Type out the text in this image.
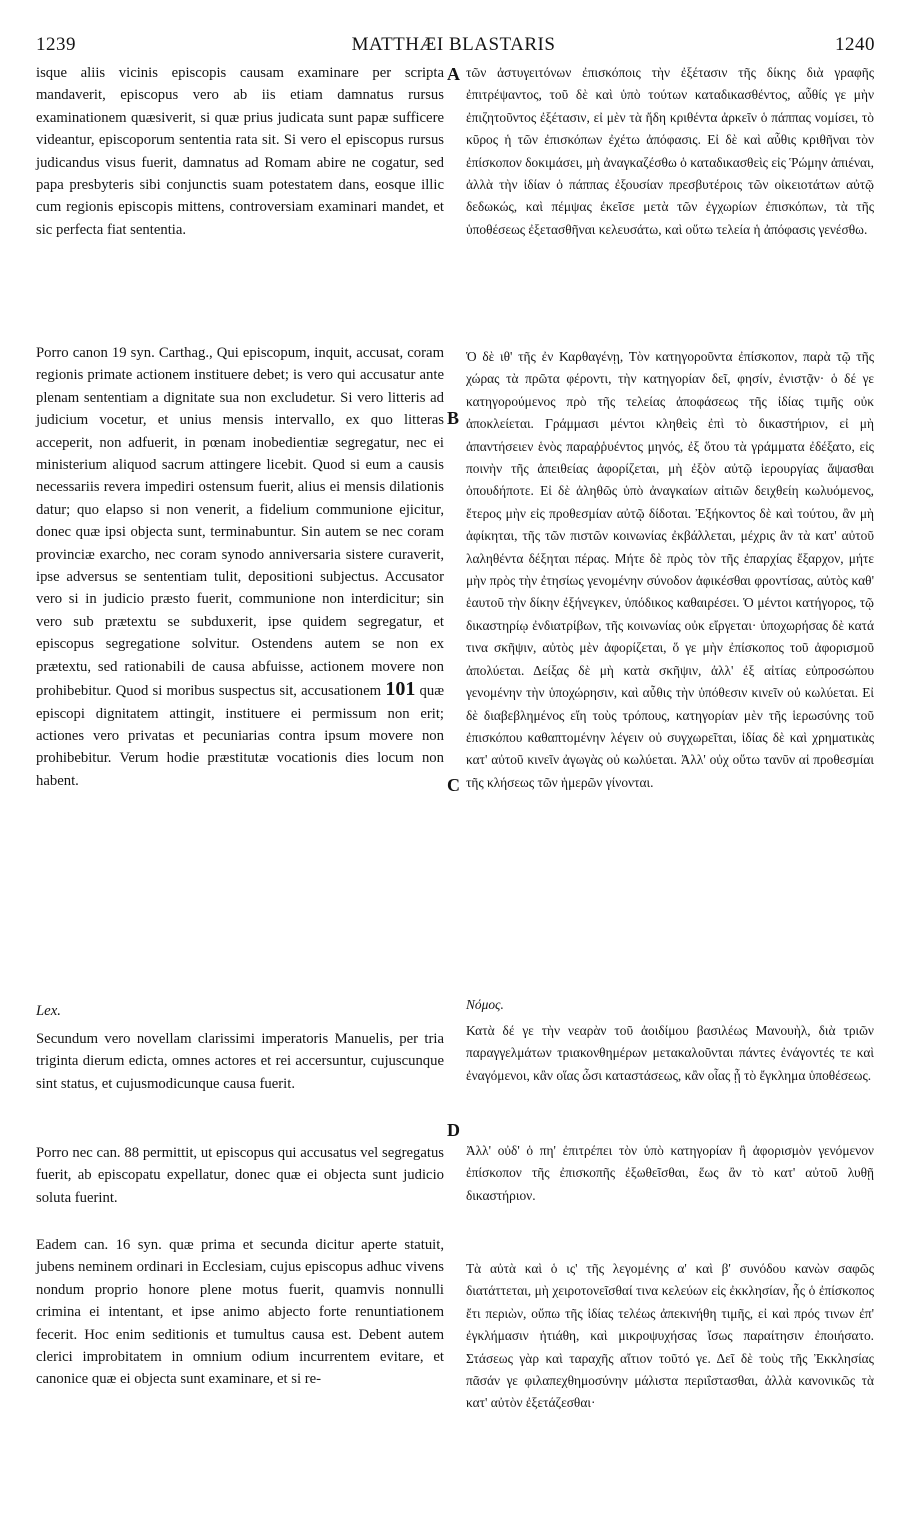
1239	MATTHÆI BLASTARIS	1240

isque aliis vicinis episcopis causam examinare per scripta mandaverit, episcopus vero ab iis etiam damnatus rursus examinationem quæsiverit, si quæ prius judicata sunt papæ sufficere videantur, episcoporum sententia rata sit. Si vero el episcopus rursus judicandus visus fuerit, damnatus ad Romam abire ne cogatur, sed papa presbyteris sibi conjunctis suam potestatem dans, eosque illic cum regionis episcopis mittens, controversiam examinari mandet, et sic perfecta fiat sententia.

Porro canon 19 syn. Carthag., Qui episcopum, inquit, accusat, coram regionis primate actionem instituere debet; is vero qui accusatur ante plenam sententiam a dignitate sua non excludetur. Si vero litteris ad judicium vocetur, et unius mensis intervallo, ex quo litteras acceperit, non adfuerit, in pœnam inobedientiæ segregatur, nec ei ministerium aliquod sacrum attingere licebit. Quod si eum a causis necessariis revera impediri ostensum fuerit, alius ei mensis dilationis datur; quo elapso si non venerit, a fidelium communione ejicitur, donec quæ ipsi objecta sunt, terminabuntur. Sin autem se nec coram provinciæ exarcho, nec coram synodo anniversaria sistere curaverit, ipse adversus se sententiam tulit, depositioni subjectus. Accusator vero si in judicio præsto fuerit, communione non interdicitur; sin vero sub prætextu se subduxerit, ipse quidem segregatur, et episcopus segregatione solvitur. Ostendens autem se non ex prætextu, sed rationabili de causa abfuisse, actionem movere non prohibebitur. Quod si moribus suspectus sit, accusationem 101 quæ episcopi dignitatem attingit, instituere ei permissum non erit; actiones vero privatas et pecuniarias contra ipsum movere non prohibebitur. Verum hodie præstitutæ vocationis dies locum non habent.

Lex.

Secundum vero novellam clarissimi imperatoris Manuelis, per tria triginta dierum edicta, omnes actores et rei accersuntur, cujuscunque sint status, et cujusmodicunque causa fuerit.

Porro nec can. 88 permittit, ut episcopus qui accusatus vel segregatus fuerit, ab episcopatu expellatur, donec quæ ei objecta sunt judicio soluta fuerint.

Eadem can. 16 syn. quæ prima et secunda dicitur aperte statuit, jubens neminem ordinari in Ecclesiam, cujus episcopus adhuc vivens nondum proprio honore plene motus fuerit, quamvis nonnulli crimina ei intentant, et ipse animo abjecto forte renuntiationem fecerit. Hoc enim seditionis et tumultus causa est. Debent autem clerici improbitatem in omnium odium incurrentem evitare, et canonice quæ ei objecta sunt examinare, et si re-

A
B
C
D

τῶν ἀστυγειτόνων ἐπισκόποις τὴν ἐξέτασιν τῆς δίκης διὰ γραφῆς ἐπιτρέψαντος, τοῦ δὲ καὶ ὑπὸ τούτων καταδικασθέντος, αὖθίς γε μὴν ἐπιζητοῦντος ἐξέτασιν, εἰ μὲν τὰ ἤδη κριθέντα ἀρκεῖν ὁ πάππας νομίσει, τὸ κῦρος ἡ τῶν ἐπισκόπων ἐχέτω ἀπόφασις. Εἰ δὲ καὶ αὖθις κριθῆναι τὸν ἐπίσκοπον δοκιμάσει, μὴ ἀναγκαζέσθω ὁ καταδικασθεὶς εἰς Ῥώμην ἀπιέναι, ἀλλὰ τὴν ἰδίαν ὁ πάππας ἐξουσίαν πρεσβυτέροις τῶν οἰκειοτάτων αὐτῷ δεδωκώς, καὶ πέμψας ἐκεῖσε μετὰ τῶν ἐγχωρίων ἐπισκόπων, τὰ τῆς ὑποθέσεως ἐξετασθῆναι κελευσάτω, καὶ οὕτω τελεία ἡ ἀπόφασις γενέσθω.

Ὁ δὲ ιθ' τῆς ἐν Καρθαγένῃ, Τὸν κατηγοροῦντα ἐπίσκοπον, παρὰ τῷ τῆς χώρας τὰ πρῶτα φέροντι, τὴν κατηγορίαν δεῖ, φησίν, ἐνιστᾷν· ὁ δέ γε κατηγορούμενος πρὸ τῆς τελείας ἀποφάσεως τῆς ἰδίας τιμῆς οὐκ ἀποκλείεται. Γράμμασι μέντοι κληθεὶς ἐπὶ τὸ δικαστήριον, εἰ μὴ ἀπαντήσειεν ἑνὸς παραῤῥυέντος μηνός, ἐξ ὅτου τὰ γράμματα ἐδέξατο, εἰς ποινὴν τῆς ἀπειθείας ἀφορίζεται, μὴ ἐξὸν αὐτῷ ἱερουργίας ἅψασθαι ὁπουδήποτε. Εἰ δὲ ἀληθῶς ὑπὸ ἀναγκαίων αἰτιῶν δειχθείη κωλυόμενος, ἕτερος μὴν εἰς προθεσμίαν αὐτῷ δίδοται. Ἐξήκοντος δὲ καὶ τούτου, ἂν μὴ ἀφίκηται, τῆς τῶν πιστῶν κοινωνίας ἐκβάλλεται, μέχρις ἂν τὰ κατ' αὐτοῦ λαληθέντα δέξηται πέρας. Μήτε δὲ πρὸς τὸν τῆς ἐπαρχίας ἔξαρχον, μήτε μὴν πρὸς τὴν ἐτησίως γενομένην σύνοδον ἀφικέσθαι φροντίσας, αὐτὸς καθ' ἑαυτοῦ τὴν δίκην ἐξήνεγκεν, ὑπόδικος καθαιρέσει. Ὁ μέντοι κατήγορος, τῷ δικαστηρίῳ ἐνδιατρίβων, τῆς κοινωνίας οὐκ εἴργεται· ὑποχωρήσας δὲ κατά τινα σκῆψιν, αὐτὸς μὲν ἀφορίζεται, ὅ γε μὴν ἐπίσκοπος τοῦ ἀφορισμοῦ ἀπολύεται. Δείξας δὲ μὴ κατὰ σκῆψιν, ἀλλ' ἐξ αἰτίας εὐπροσώπου γενομένην τὴν ὑποχώρησιν, καὶ αὖθις τὴν ὑπόθεσιν κινεῖν οὐ κωλύεται. Εἰ δὲ διαβεβλημένος εἴη τοὺς τρόπους, κατηγορίαν μὲν τῆς ἱερωσύνης τοῦ ἐπισκόπου καθαπτομένην λέγειν οὐ συγχωρεῖται, ἰδίας δὲ καὶ χρηματικὰς κατ' αὐτοῦ κινεῖν ἀγωγὰς οὐ κωλύεται. Ἀλλ' οὐχ οὕτω τανῦν αἱ προθεσμίαι τῆς κλήσεως τῶν ἡμερῶν γίνονται.

Νόμος.

Κατὰ δέ γε τὴν νεαρὰν τοῦ ἀοιδίμου βασιλέως Μανουὴλ, διὰ τριῶν παραγγελμάτων τριακονθημέρων μετακαλοῦνται πάντες ἐνάγοντές τε καὶ ἐναγόμενοι, κἂν οἵας ὦσι καταστάσεως, κἂν οἷας ᾖ τὸ ἔγκλημα ὑποθέσεως.

Ἀλλ' οὐδ' ὁ πη' ἐπιτρέπει τὸν ὑπὸ κατηγορίαν ἢ ἀφορισμὸν γενόμενον ἐπίσκοπον τῆς ἐπισκοπῆς ἐξωθεῖσθαι, ἕως ἂν τὸ κατ' αὐτοῦ λυθῇ δικαστήριον.

Τὰ αὐτὰ καὶ ὁ ις' τῆς λεγομένης α' καὶ β' συνόδου κανὼν σαφῶς διατάττεται, μὴ χειροτονεῖσθαί τινα κελεύων εἰς ἐκκλησίαν, ἧς ὁ ἐπίσκοπος ἔτι περιὼν, οὔπω τῆς ἰδίας τελέως ἀπεκινήθη τιμῆς, εἰ καὶ πρός τινων ἐπ' ἐγκλήμασιν ἠτιάθη, καὶ μικροψυχήσας ἴσως παραίτησιν ἐποιήσατο. Στάσεως γὰρ καὶ ταραχῆς αἴτιον τοῦτό γε. Δεῖ δὲ τοὺς τῆς Ἐκκλησίας πᾶσάν γε φιλαπεχθημοσύνην μάλιστα περιΐστασθαι, ἀλλὰ κανονικῶς τὰ κατ' αὐτὸν ἐξετάζεσθαι·
